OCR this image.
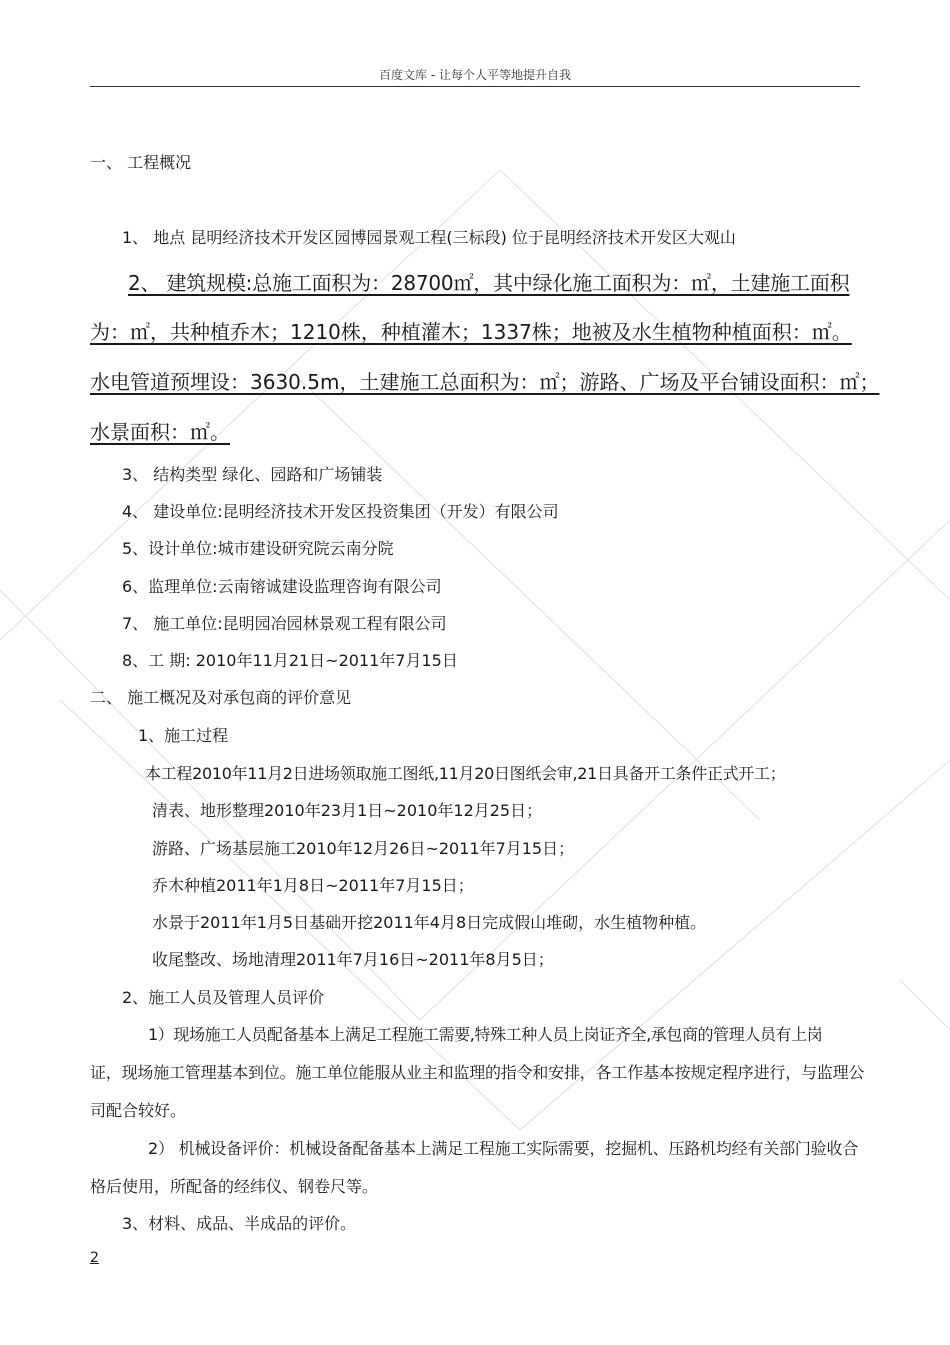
百度文库 - 让每个人平等地提升自我
一、 工程概况
1、 地点 昆明经济技术开发区园博园景观工程(三标段) 位于昆明经济技术开发区大观山
2、 建筑规模:总施工面积为：28700㎡，其中绿化施工面积为：㎡，土建施工面积
为：㎡，共种植乔木；1210株，种植灌木；1337株；地被及水生植物种植面积：㎡。
水电管道预埋设：3630.5m，土建施工总面积为：㎡；游路、广场及平台铺设面积：㎡；
水景面积：㎡。
3、 结构类型 绿化、园路和广场铺装
4、 建设单位:昆明经济技术开发区投资集团（开发）有限公司
5、设计单位:城市建设研究院云南分院
6、监理单位:云南镕诚建设监理咨询有限公司
7、 施工单位:昆明园冶园林景观工程有限公司
8、工 期: 2010年11月21日~2011年7月15日
二、 施工概况及对承包商的评价意见
1、施工过程
本工程2010年11月2日进场领取施工图纸,11月20日图纸会审,21日具备开工条件正式开工；
清表、地形整理2010年23月1日~2010年12月25日；
游路、广场基层施工2010年12月26日~2011年7月15日；
乔木种植2011年1月8日~2011年7月15日；
水景于2011年1月5日基础开挖2011年4月8日完成假山堆砌，水生植物种植。
收尾整改、场地清理2011年7月16日~2011年8月5日；
2、施工人员及管理人员评价
1）现场施工人员配备基本上满足工程施工需要,特殊工种人员上岗证齐全,承包商的管理人员有上岗
证，现场施工管理基本到位。施工单位能服从业主和监理的指令和安排，各工作基本按规定程序进行，与监理公
司配合较好。
2） 机械设备评价：机械设备配备基本上满足工程施工实际需要，挖掘机、压路机均经有关部门验收合
格后使用，所配备的经纬仪、钢卷尺等。
3、材料、成品、半成品的评价。
2
